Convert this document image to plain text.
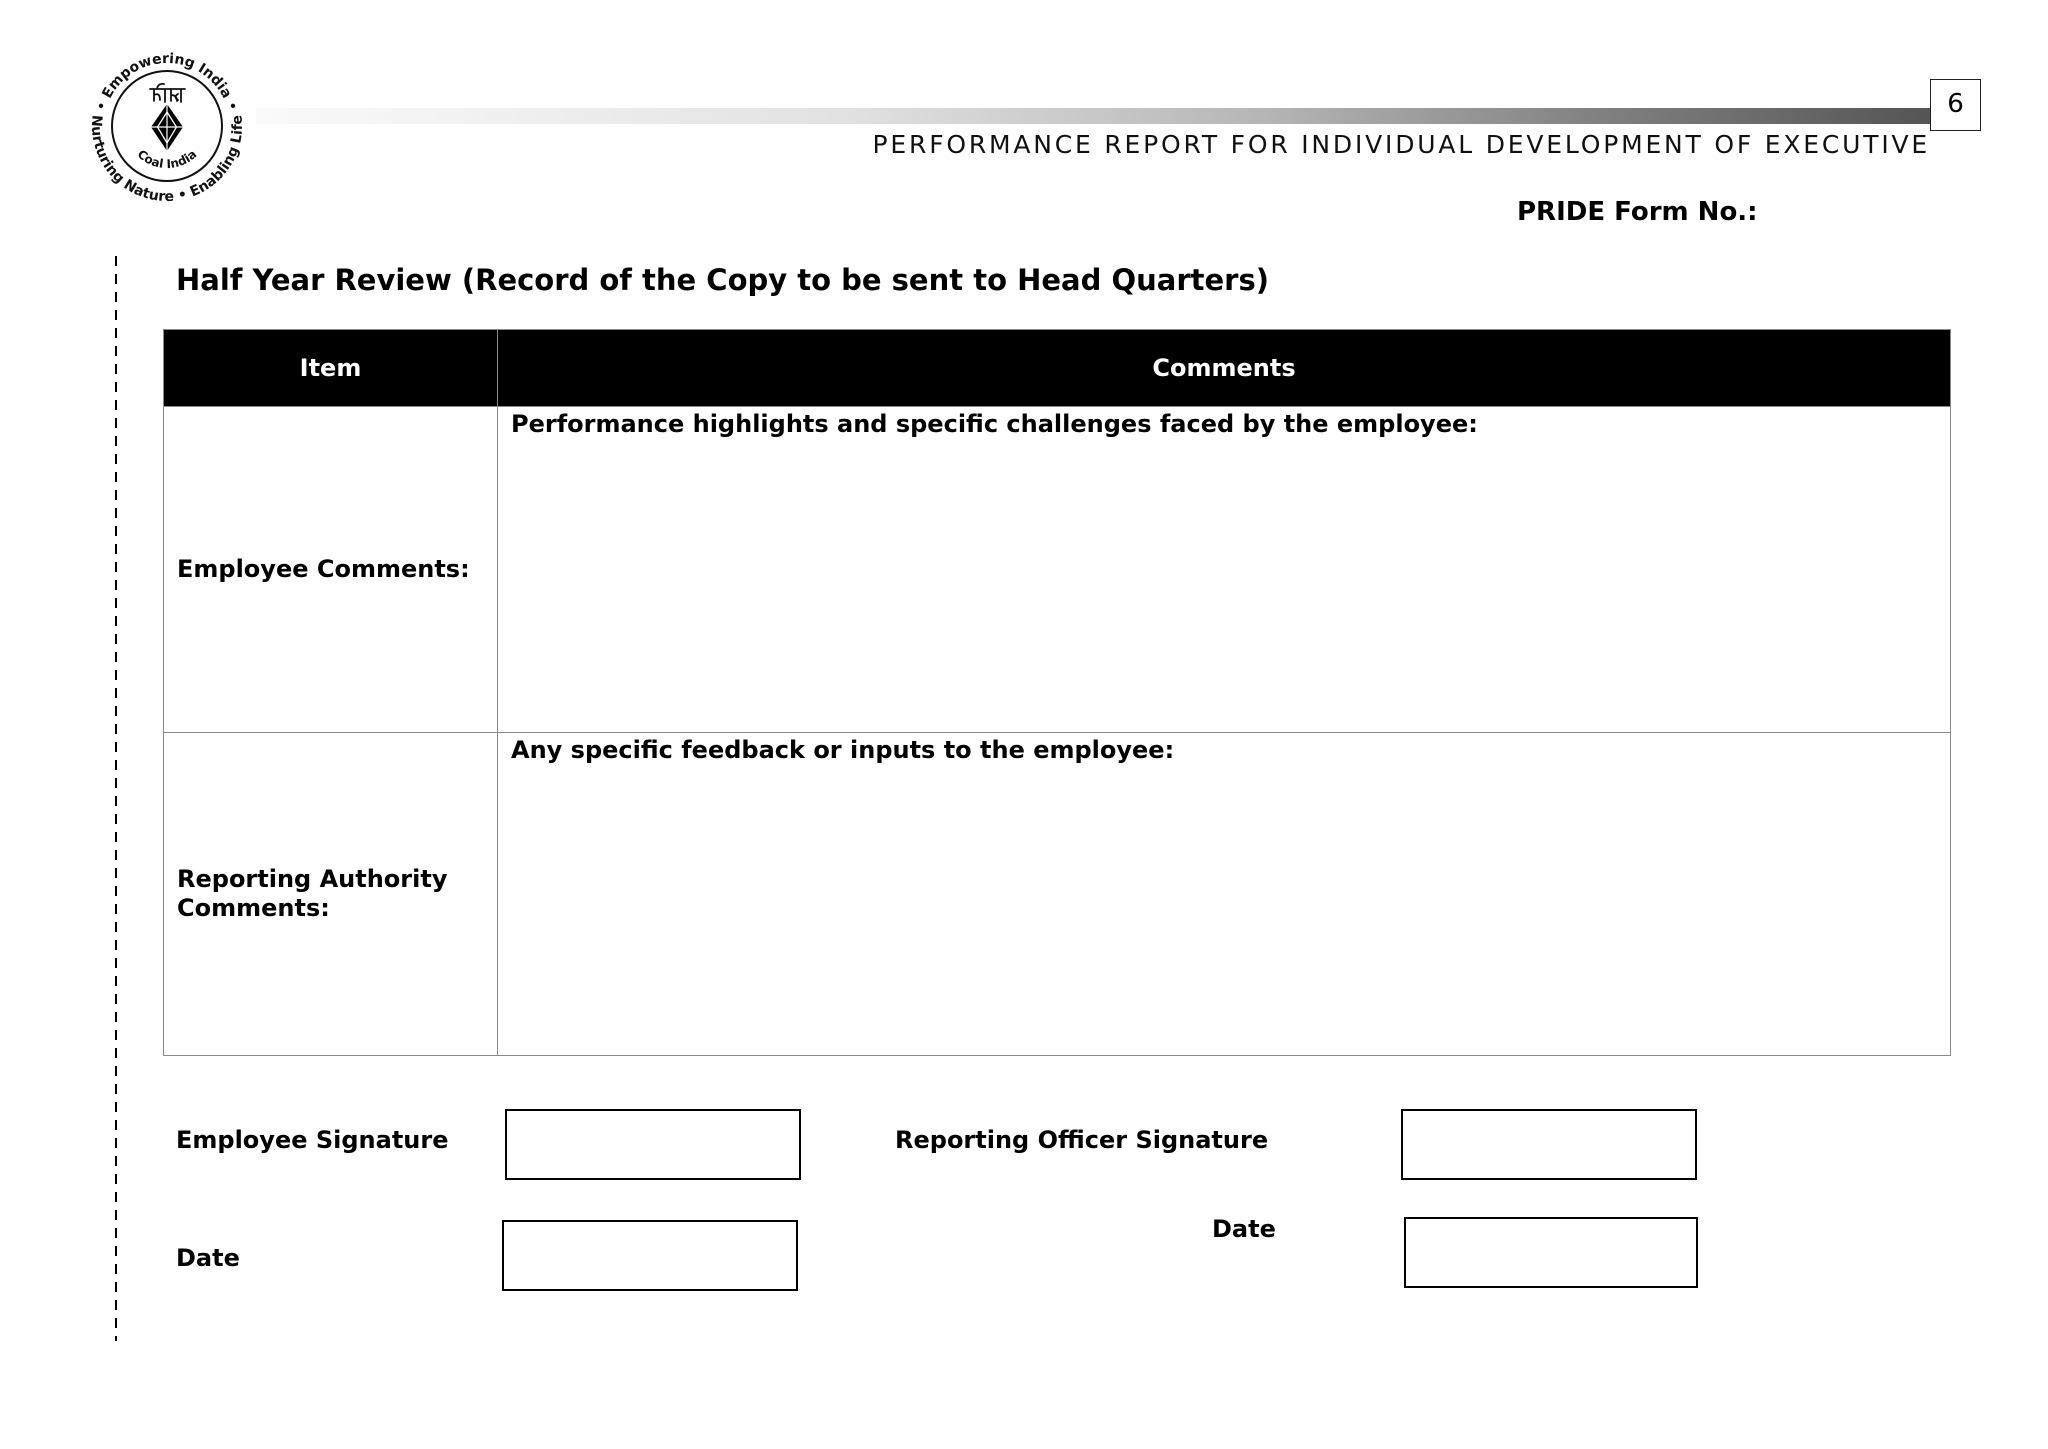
Empowering India
Nurturing Nature • Enabling Life
Coal India
6
PERFORMANCE REPORT FOR INDIVIDUAL DEVELOPMENT OF EXECUTIVE
PRIDE Form No.:
Half Year Review (Record of the Copy to be sent to Head Quarters)
Item	Comments
Employee Comments:	Performance highlights and specific challenges faced by the employee:

Reporting Authority Comments:	Any specific feedback or inputs to the employee:
Employee Signature	Reporting Officer Signature
Date
Date
